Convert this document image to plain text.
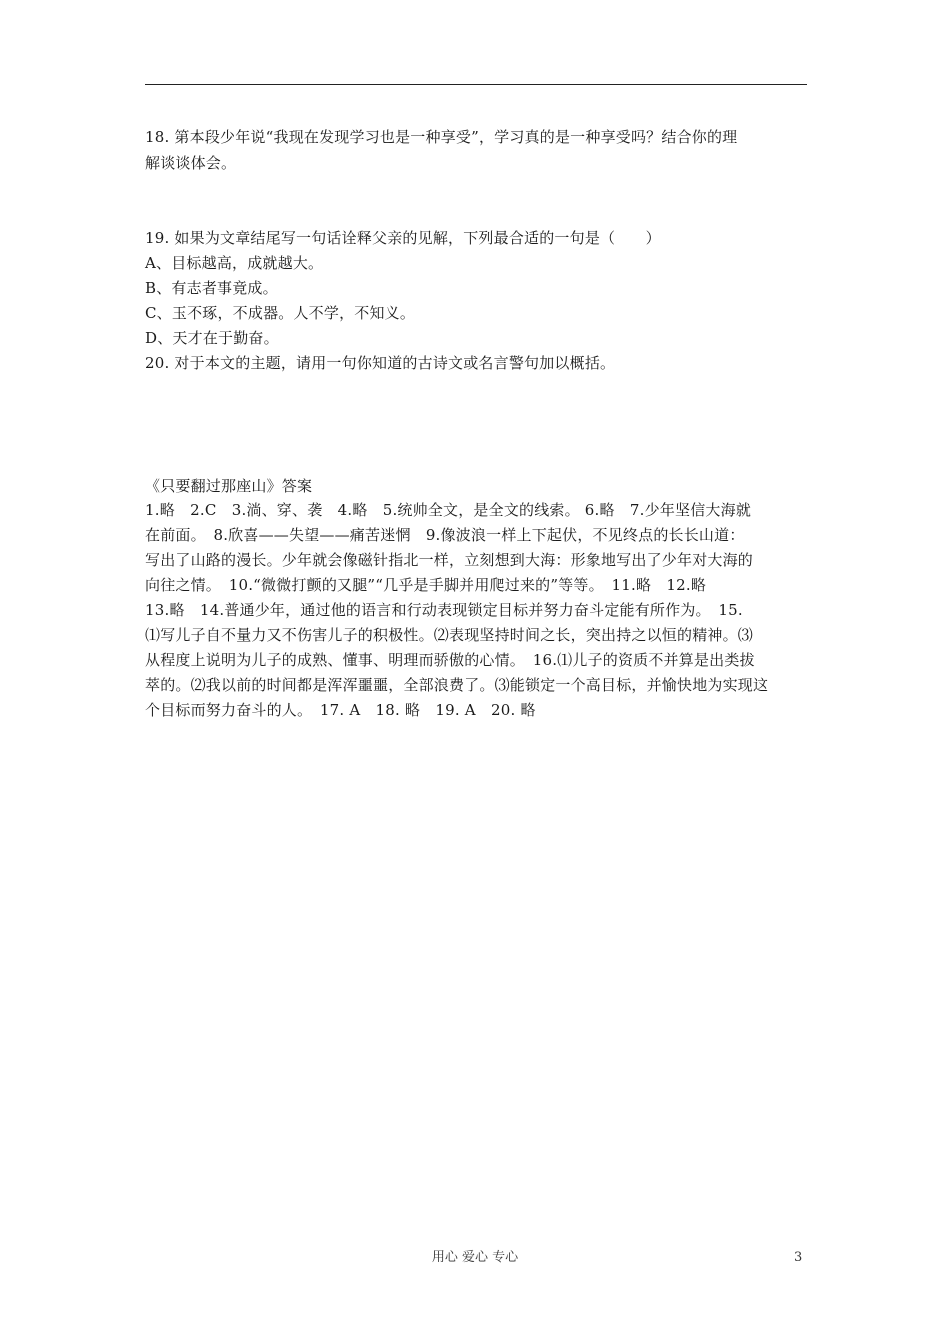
18. 第本段少年说“我现在发现学习也是一种享受”，学习真的是一种享受吗？结合你的理
解谈谈体会。
19. 如果为文章结尾写一句话诠释父亲的见解，下列最合适的一句是（　　）
A、目标越高，成就越大。
B、有志者事竟成。
C、玉不琢，不成器。人不学，不知义。
D、天才在于勤奋。
20. 对于本文的主题，请用一句你知道的古诗文或名言警句加以概括。
《只要翻过那座山》答案
1.略　2.C　3.淌、穿、袭　4.略　5.统帅全文，是全文的线索。 6.略　7.少年坚信大海就
在前面。　8.欣喜——失望——痛苦迷惘　9.像波浪一样上下起伏，不见终点的长长山道：
写出了山路的漫长。少年就会像磁针指北一样，立刻想到大海：形象地写出了少年对大海的
向往之情。　10.“微微打颤的又腿”“几乎是手脚并用爬过来的”等等。　11.略　12.略
13.略　14.普通少年，通过他的语言和行动表现锁定目标并努力奋斗定能有所作为。　15.
⑴写儿子自不量力又不伤害儿子的积极性。⑵表现坚持时间之长，突出持之以恒的精神。⑶
从程度上说明为儿子的成熟、懂事、明理而骄傲的心情。　16.⑴儿子的资质不并算是出类拔
萃的。⑵我以前的时间都是浑浑噩噩，全部浪费了。⑶能锁定一个高目标，并愉快地为实现这
个目标而努力奋斗的人。　17. A　18. 略　19. A　20. 略
用心 爱心 专心	3
